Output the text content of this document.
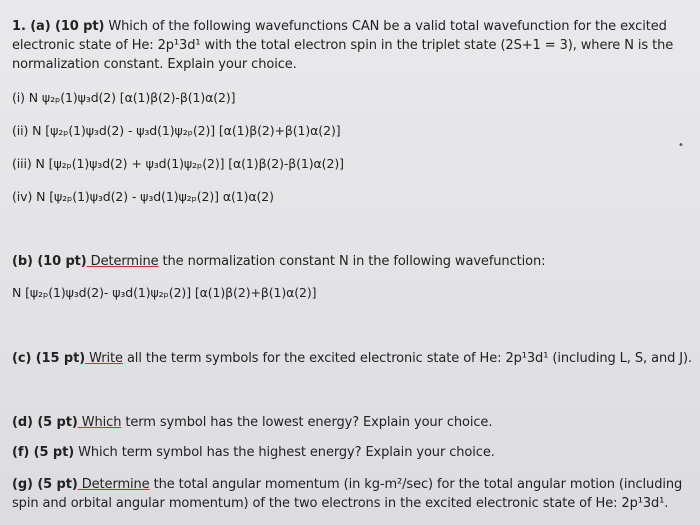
1. (a) (10 pt) Which of the following wavefunctions CAN be a valid total wavefunction for the excited
electronic state of He: 2p¹3d¹ with the total electron spin in the triplet state (2S+1 = 3), where N is the
normalization constant. Explain your choice.
(i) N ψ₂ₚ(1)ψ₃d(2) [α(1)β(2)-β(1)α(2)]
(ii) N [ψ₂ₚ(1)ψ₃d(2) - ψ₃d(1)ψ₂ₚ(2)] [α(1)β(2)+β(1)α(2)]
(iii) N [ψ₂ₚ(1)ψ₃d(2) + ψ₃d(1)ψ₂ₚ(2)] [α(1)β(2)-β(1)α(2)]
(iv) N [ψ₂ₚ(1)ψ₃d(2) - ψ₃d(1)ψ₂ₚ(2)] α(1)α(2)
•
(b) (10 pt) Determine the normalization constant N in the following wavefunction:
N [ψ₂ₚ(1)ψ₃d(2)- ψ₃d(1)ψ₂ₚ(2)] [α(1)β(2)+β(1)α(2)]
(c) (15 pt) Write all the term symbols for the excited electronic state of He: 2p¹3d¹ (including L, S, and J).
(d) (5 pt) Which term symbol has the lowest energy? Explain your choice.
(f) (5 pt) Which term symbol has the highest energy? Explain your choice.
(g) (5 pt) Determine the total angular momentum (in kg-m²/sec) for the total angular motion (including
spin and orbital angular momentum) of the two electrons in the excited electronic state of He: 2p¹3d¹.
